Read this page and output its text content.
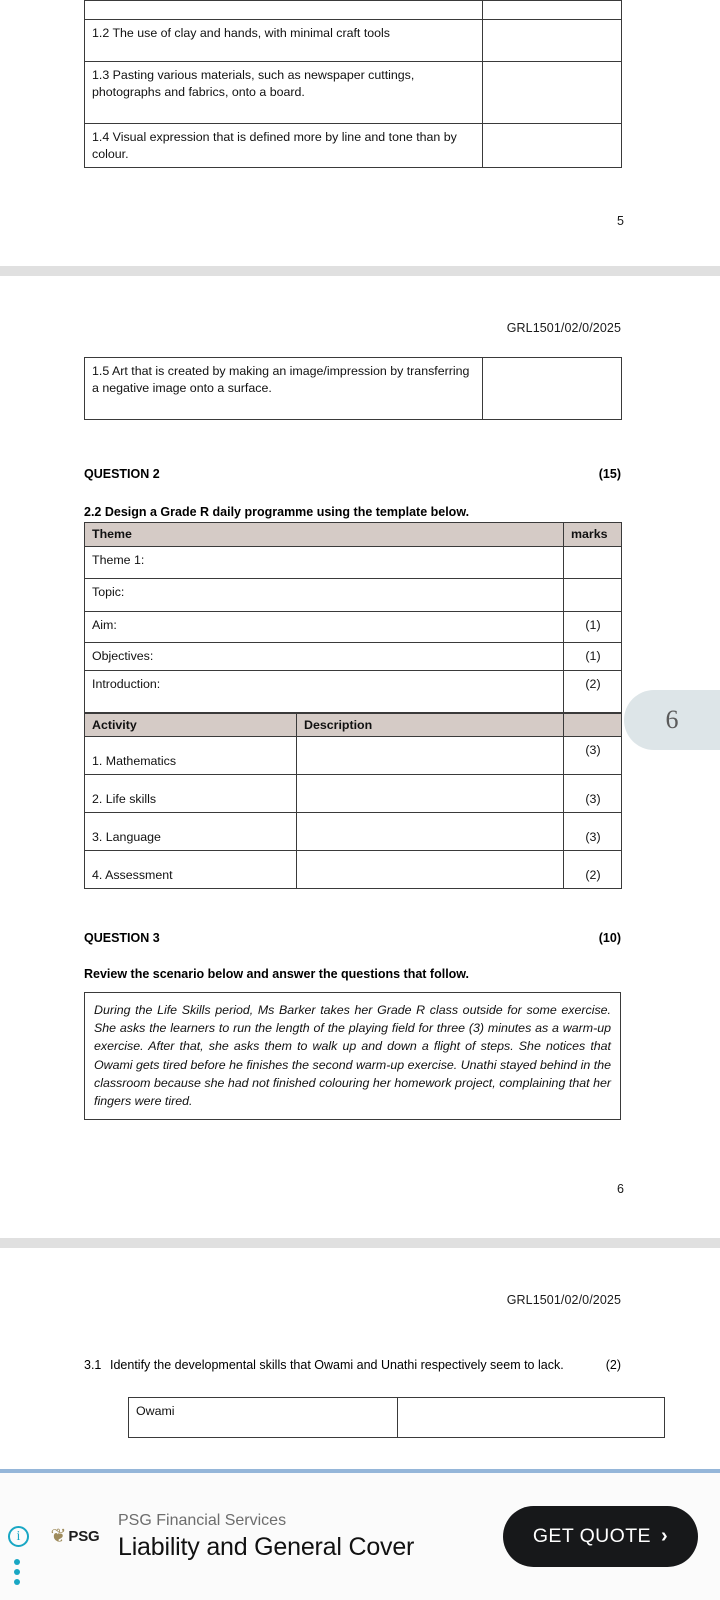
1.2 The use of clay and hands, with minimal craft tools	
1.3 Pasting various materials, such as newspaper cuttings, photographs and fabrics, onto a board.	
1.4 Visual expression that is defined more by line and tone than by colour.	
5
GRL1501/02/0/2025
1.5 Art that is created by making an image/impression by transferring a negative image onto a surface.	
QUESTION 2	(15)
2.2 Design a Grade R daily programme using the template below.
Theme	marks
Theme 1:	
Topic:	
Aim:	(1)
Objectives:	(1)
Introduction:	(2)
Activity	Description	
1. Mathematics		(3)
2. Life skills		(3)
3. Language		(3)
4. Assessment		(2)
QUESTION 3	(10)
Review the scenario below and answer the questions that follow.
During the Life Skills period, Ms Barker takes her Grade R class outside for some exercise. She asks the learners to run the length of the playing field for three (3) minutes as a warm-up exercise. After that, she asks them to walk up and down a flight of steps. She notices that Owami gets tired before he finishes the second warm-up exercise. Unathi stayed behind in the classroom because she had not finished colouring her homework project, complaining that her fingers were tired.
6
GRL1501/02/0/2025
3.1 Identify the developmental skills that Owami and Unathi respectively seem to lack.	(2)
Owami	
6
i	❦ PSG
PSG Financial Services
Liability and General Cover	GET QUOTE ›
